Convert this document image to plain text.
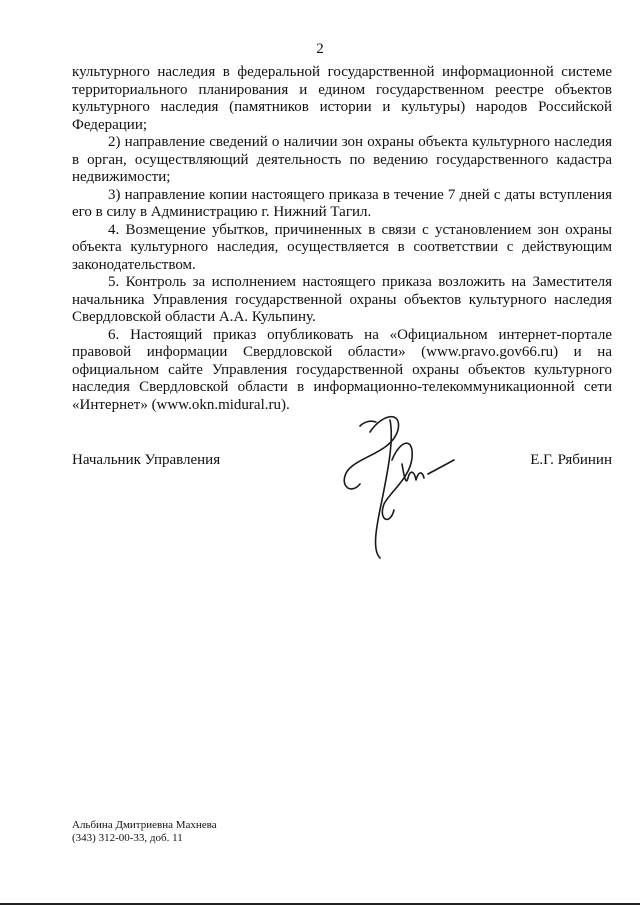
2

культурного наследия в федеральной государственной информационной системе территориального планирования и едином государственном реестре объектов культурного наследия (памятников истории и культуры) народов Российской Федерации;

2) направление сведений о наличии зон охраны объекта культурного наследия в орган, осуществляющий деятельность по ведению государственного кадастра недвижимости;

3) направление копии настоящего приказа в течение 7 дней с даты вступления его в силу в Администрацию г. Нижний Тагил.

4. Возмещение убытков, причиненных в связи с установлением зон охраны объекта культурного наследия, осуществляется в соответствии с действующим законодательством.

5. Контроль за исполнением настоящего приказа возложить на Заместителя начальника Управления государственной охраны объектов культурного наследия Свердловской области А.А. Кульпину.

6. Настоящий приказ опубликовать на «Официальном интернет-портале правовой информации Свердловской области» (www.pravo.gov66.ru) и на официальном сайте Управления государственной охраны объектов культурного наследия Свердловской области в информационно-телекоммуникационной сети «Интернет» (www.okn.midural.ru).

Начальник Управления	Е.Г. Рябинин
Альбина Дмитриевна Махнева
(343) 312-00-33, доб. 11
